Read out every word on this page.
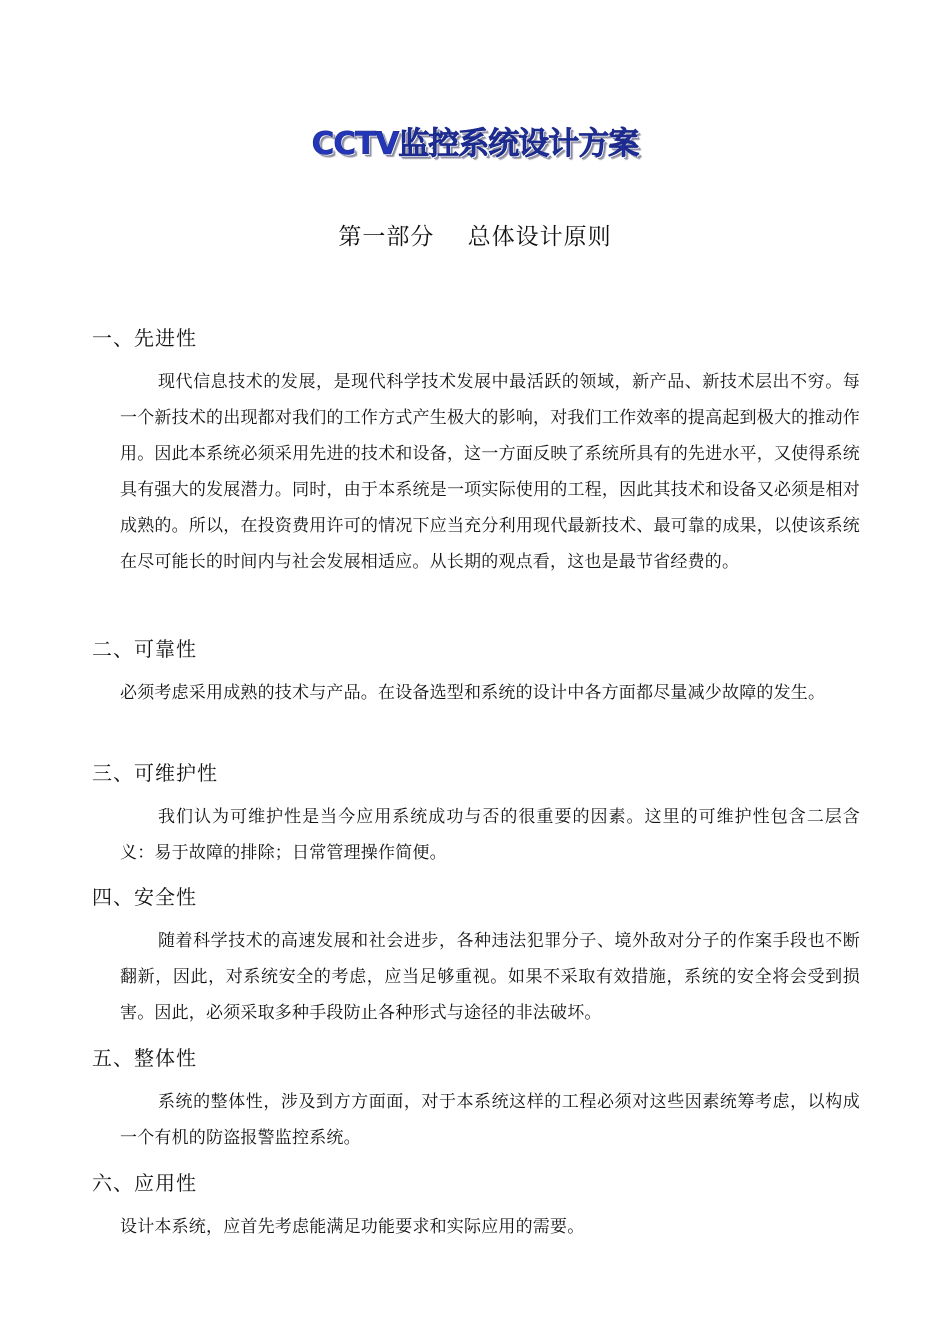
CCTV监控系统设计方案
第一部分    总体设计原则
一、先进性
现代信息技术的发展，是现代科学技术发展中最活跃的领域，新产品、新技术层出不穷。每一个新技术的出现都对我们的工作方式产生极大的影响，对我们工作效率的提高起到极大的推动作用。因此本系统必须采用先进的技术和设备，这一方面反映了系统所具有的先进水平，又使得系统具有强大的发展潜力。同时，由于本系统是一项实际使用的工程，因此其技术和设备又必须是相对成熟的。所以，在投资费用许可的情况下应当充分利用现代最新技术、最可靠的成果，以使该系统在尽可能长的时间内与社会发展相适应。从长期的观点看，这也是最节省经费的。
二、可靠性
必须考虑采用成熟的技术与产品。在设备选型和系统的设计中各方面都尽量减少故障的发生。
三、可维护性
我们认为可维护性是当今应用系统成功与否的很重要的因素。这里的可维护性包含二层含义：易于故障的排除；日常管理操作简便。
四、安全性
随着科学技术的高速发展和社会进步，各种违法犯罪分子、境外敌对分子的作案手段也不断翻新，因此，对系统安全的考虑，应当足够重视。如果不采取有效措施，系统的安全将会受到损害。因此，必须采取多种手段防止各种形式与途径的非法破坏。
五、整体性
系统的整体性，涉及到方方面面，对于本系统这样的工程必须对这些因素统筹考虑，以构成一个有机的防盗报警监控系统。
六、应用性
设计本系统，应首先考虑能满足功能要求和实际应用的需要。
